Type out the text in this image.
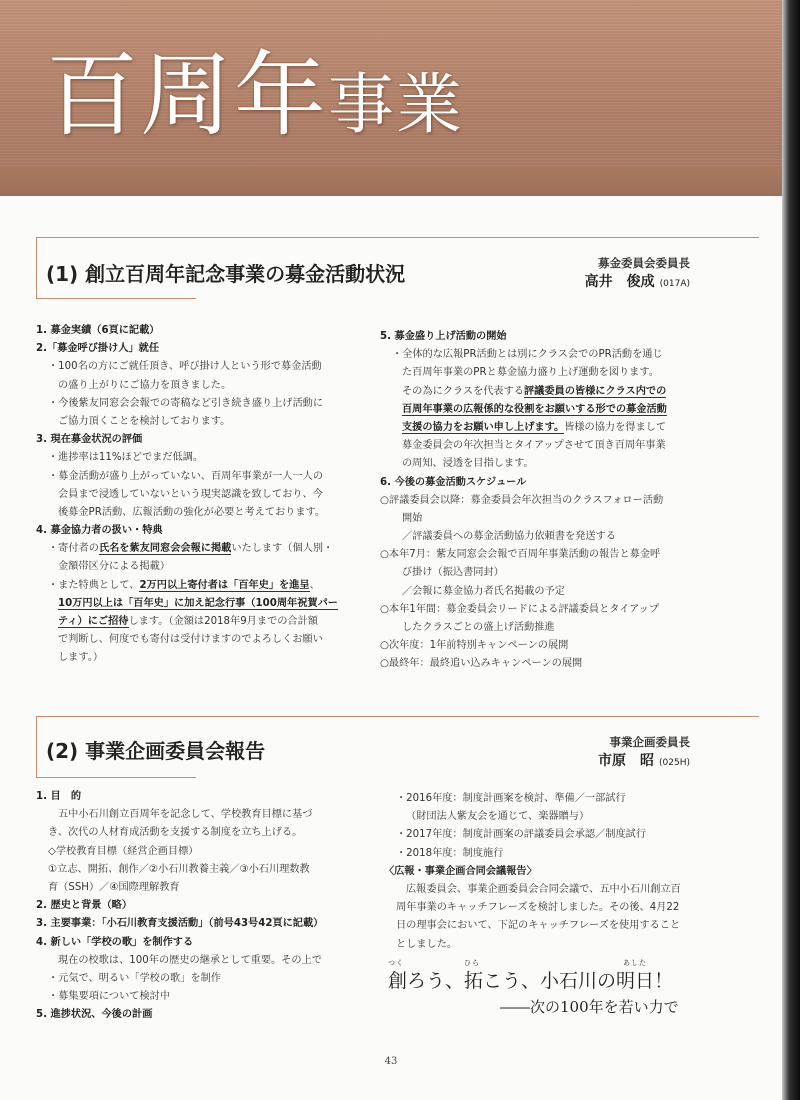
百周年事業
(1) 創立百周年記念事業の募金活動状況	募金委員会委員長
高井　俊成 (017A)
1. 募金実績（6頁に記載）
2.「募金呼び掛け人」就任
・100名の方にご就任頂き、呼び掛け人という形で募金活動
の盛り上がりにご協力を頂きました。
・今後紫友同窓会会報での寄稿など引き続き盛り上げ活動に
ご協力頂くことを検討しております。
3. 現在募金状況の評価
・進捗率は11%ほどでまだ低調。
・募金活動が盛り上がっていない、百周年事業が一人一人の
会員まで浸透していないという現実認識を致しており、今
後募金PR活動、広報活動の強化が必要と考えております。
4. 募金協力者の扱い・特典
・寄付者の氏名を紫友同窓会会報に掲載いたします（個人別・
金額帯区分による掲載）
・また特典として、2万円以上寄付者は「百年史」を進呈、
10万円以上は「百年史」に加え記念行事（100周年祝賀パー
ティ）にご招待します。（金額は2018年9月までの合計額
で判断し、何度でも寄付は受付けますのでよろしくお願い
します。）
5. 募金盛り上げ活動の開始
・全体的な広報PR活動とは別にクラス会でのPR活動を通じ
た百周年事業のPRと募金協力盛り上げ運動を図ります。
その為にクラスを代表する評議委員の皆様にクラス内での
百周年事業の広報係的な役割をお願いする形での募金活動
支援の協力をお願い申し上げます。皆様の協力を得まして
募金委員会の年次担当とタイアップさせて頂き百周年事業
の周知、浸透を目指します。
6. 今後の募金活動スケジュール
○評議委員会以降：募金委員会年次担当のクラスフォロー活動
開始
／評議委員への募金活動協力依頼書を発送する
○本年7月：紫友同窓会会報で百周年事業活動の報告と募金呼
び掛け（振込書同封）
／会報に募金協力者氏名掲載の予定
○本年1年間：募金委員会リードによる評議委員とタイアップ
したクラスごとの盛上げ活動推進
○次年度：1年前特別キャンペーンの展開
○最終年：最終追い込みキャンペーンの展開
(2) 事業企画委員会報告	事業企画委員長
市原　昭 (025H)
1. 目　的
五中小石川創立百周年を記念して、学校教育目標に基づ
き、次代の人材育成活動を支援する制度を立ち上げる。
◇学校教育目標（経営企画目標）
①立志、開拓、創作／②小石川教養主義／③小石川理数教
育（SSH）／④国際理解教育
2. 歴史と背景（略）
3. 主要事業：「小石川教育支援活動」（前号43号42頁に記載）
4. 新しい「学校の歌」を制作する
現在の校歌は、100年の歴史の継承として重要。その上で
・元気で、明るい「学校の歌」を制作
・募集要項について検討中
5. 進捗状況、今後の計画
・2016年度：制度計画案を検討、準備／一部試行
（財団法人紫友会を通じて、楽器贈与）
・2017年度：制度計画案の評議委員会承認／制度試行
・2018年度：制度施行
〈広報・事業企画合同会議報告〉
広報委員会、事業企画委員会合同会議で、五中小石川創立百
周年事業のキャッチフレーズを検討しました。その後、4月22
日の理事会において、下記のキャッチフレーズを使用すること
としました。
創ろう、
つく
拓こう、
ひら
小石川の明日
あした
！
――次の100年を若い力で
43
